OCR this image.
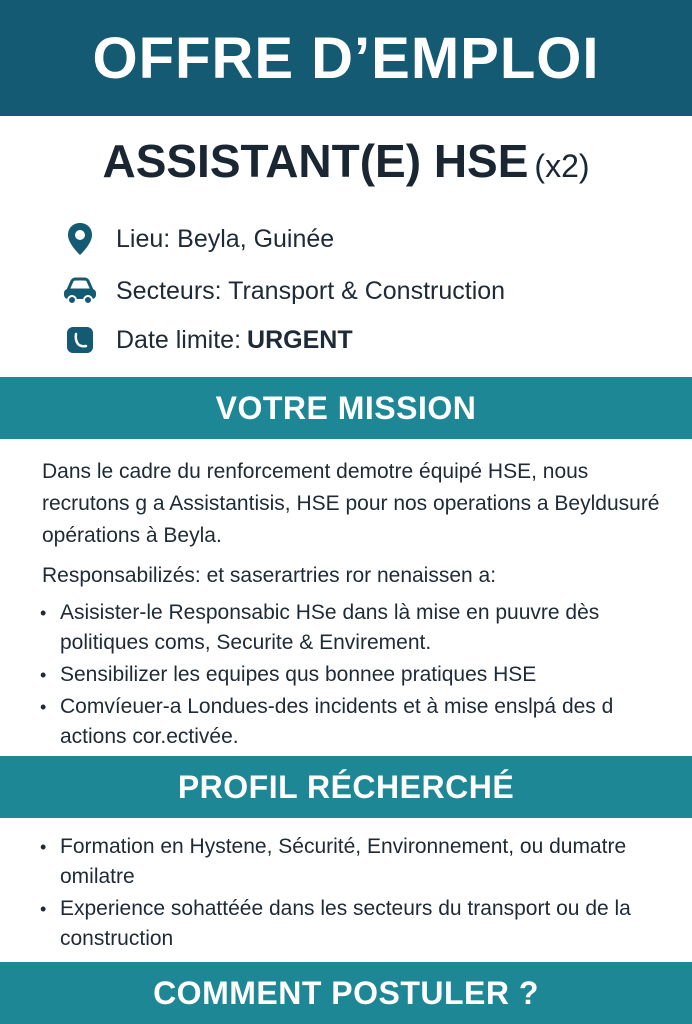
OFFRE D’EMPLOI
ASSISTANT(E) HSE (x2)
Lieu: Beyla, Guinée
Secteurs: Transport & Construction
Date limite: URGENT
VOTRE MISSION

Dans le cadre du renforcement demotre équipé HSE, nous recrutons g a Assistantisis, HSE pour nos operations a Beyldusuré opérations à Beyla.

Responsabilizés: et saserartries ror nenaissen a:

• Asisister-le Responsabic HSe dans là mise en puuvre dès politiques coms, Securite & Envirement.
• Sensibilizer les equipes qus bonnee pratiques HSE
• Comvíeuer-a Londues-des incidents et à mise enslpá des d actions cor.ectivée.
PROFIL RÉCHERCHÉ
• Formation en Hystene, Sécurité, Environnement, ou dumatre omilatre
• Experience sohattéée dans les secteurs du transport ou de la construction
COMMENT POSTULER ?
